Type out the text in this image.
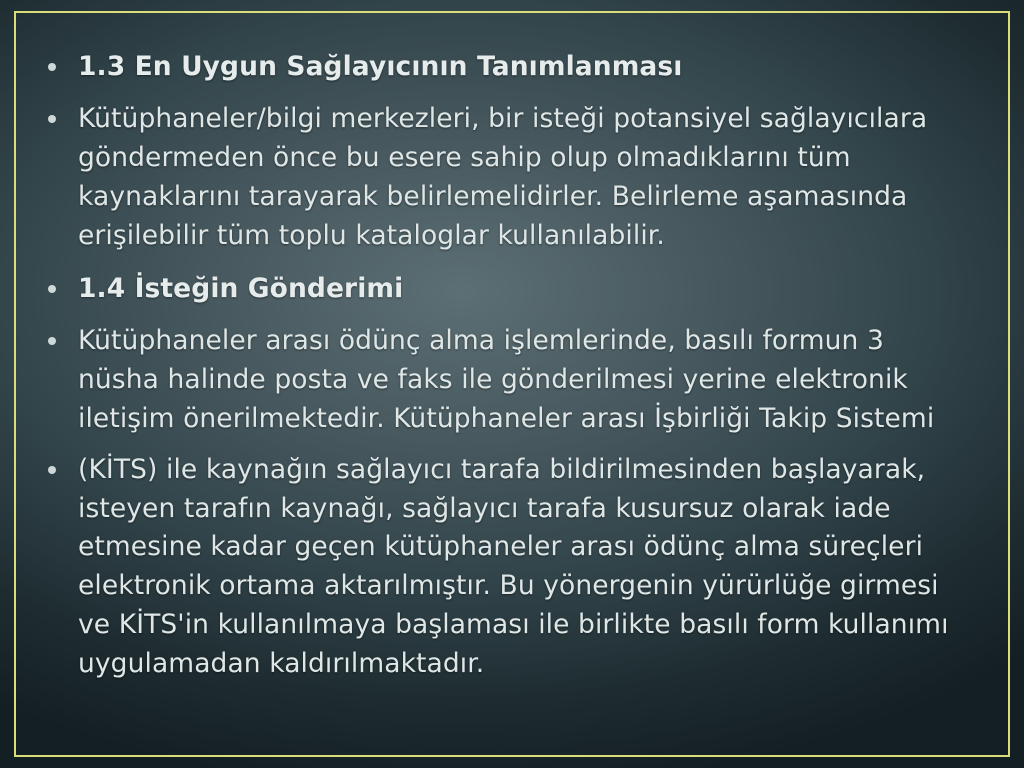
1.3 En Uygun Sağlayıcının Tanımlanması
Kütüphaneler/bilgi merkezleri, bir isteği potansiyel sağlayıcılara göndermeden önce bu esere sahip olup olmadıklarını tüm kaynaklarını tarayarak belirlemelidirler. Belirleme aşamasında erişilebilir tüm toplu kataloglar kullanılabilir.
1.4 İsteğin Gönderimi
Kütüphaneler arası ödünç alma işlemlerinde, basılı formun 3 nüsha halinde posta ve faks ile gönderilmesi yerine elektronik iletişim önerilmektedir. Kütüphaneler arası İşbirliği Takip Sistemi
(KİTS) ile kaynağın sağlayıcı tarafa bildirilmesinden başlayarak, isteyen tarafın kaynağı, sağlayıcı tarafa kusursuz olarak iade etmesine kadar geçen kütüphaneler arası ödünç alma süreçleri elektronik ortama aktarılmıştır. Bu yönergenin yürürlüğe girmesi ve KİTS'in kullanılmaya başlaması ile birlikte basılı form kullanımı uygulamadan kaldırılmaktadır.
